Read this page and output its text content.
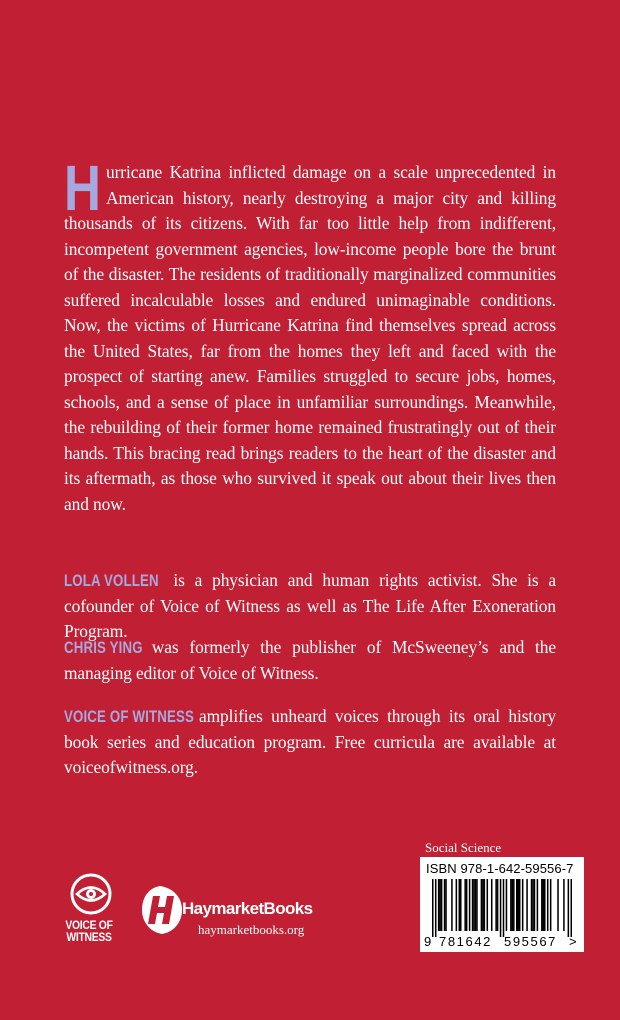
H urricane Katrina inflicted damage on a scale unprecedented in American history, nearly destroying a major city and killing thousands of its citizens. With far too little help from indifferent, incompetent government agencies, low-income people bore the brunt of the disaster. The residents of traditionally marginalized communities suffered incalculable losses and endured unimaginable conditions. Now, the victims of Hurricane Katrina find themselves spread across the United States, far from the homes they left and faced with the prospect of starting anew. Families struggled to secure jobs, homes, schools, and a sense of place in unfamiliar surroundings. Meanwhile, the rebuilding of their former home remained frustratingly out of their hands. This bracing read brings readers to the heart of the disaster and its aftermath, as those who survived it speak out about their lives then and now.

LOLA VOLLEN is a physician and human rights activist. She is a cofounder of Voice of Witness as well as The Life After Exoneration Program.

CHRIS YING was formerly the publisher of McSweeney’s and the managing editor of Voice of Witness.

VOICE OF WITNESS amplifies unheard voices through its oral history book series and education program. Free curricula are available at voiceofwitness.org.

VOICE OF
WITNESS
HaymarketBooks
haymarketbooks.org
Social Science
ISBN 978-1-642-59556-7
9 781642 595567 >
